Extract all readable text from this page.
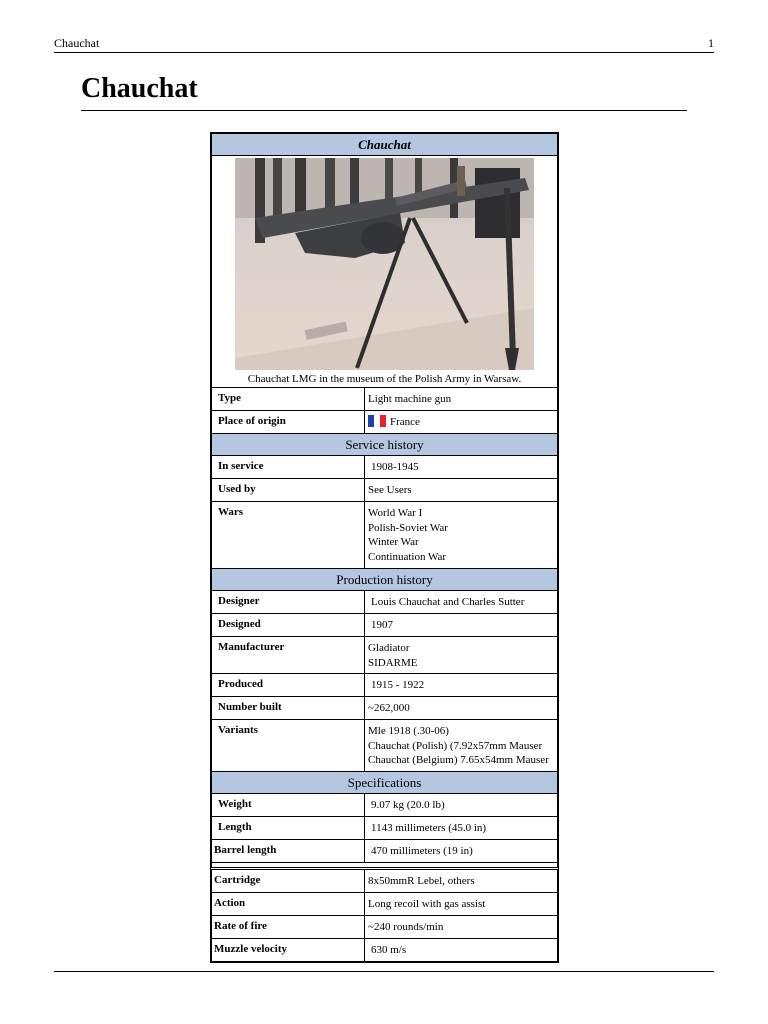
Chauchat	1
Chauchat
Chauchat	

Chauchat LMG in the museum of the Polish Army in Warsaw.	

Type	Light machine gun
Place of origin	France
Service history	
In service	1908-1945
Used by	See Users
Wars	World War I
Polish-Soviet War
Winter War
Continuation War

Production history	
Designer	Louis Chauchat and Charles Sutter
Designed	1907
Manufacturer	Gladiator
SIDARME

Produced	1915 - 1922
Number built	~262,000
Variants	Mle 1918 (.30-06)
Chauchat (Polish) (7.92x57mm Mauser
Chauchat (Belgium) 7.65x54mm Mauser

Specifications	
Weight	9.07 kg (20.0 lb)
Length	1143 millimeters (45.0 in)
Barrel length	470 millimeters (19 in)

Cartridge	8x50mmR Lebel, others
Action	Long recoil with gas assist
Rate of fire	~240 rounds/min
Muzzle velocity	630 m/s
